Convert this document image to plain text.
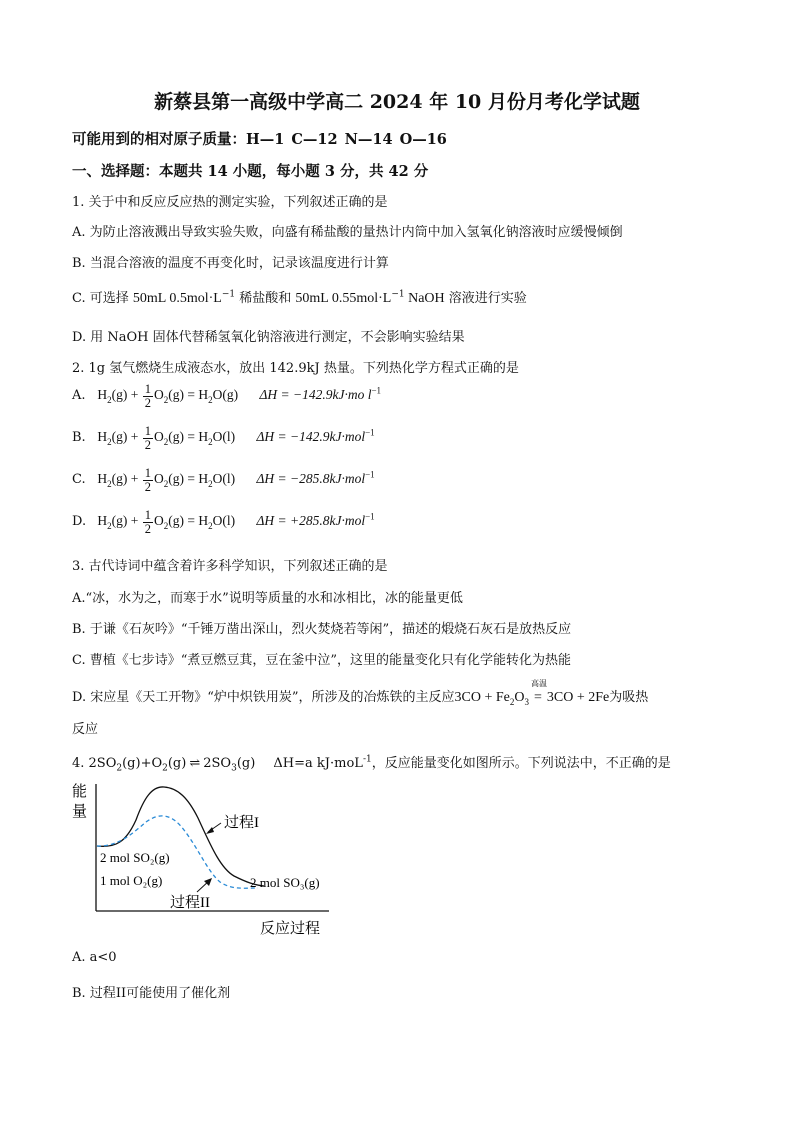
新蔡县第一高级中学高二 2024 年 10 月份月考化学试题
可能用到的相对原子质量：H—1 C—12 N—14 O—16
一、选择题：本题共 14 小题，每小题 3 分，共 42 分
1. 关于中和反应反应热的测定实验，下列叙述正确的是
A. 为防止溶液溅出导致实验失败，向盛有稀盐酸的量热计内筒中加入氢氧化钠溶液时应缓慢倾倒
B. 当混合溶液的温度不再变化时，记录该温度进行计算
C. 可选择 50mL $0.5mol\cdot L^{-1}$ 稀盐酸和 50mL $0.55mol\cdot L^{-1}$ NaOH 溶液进行实验
D. 用 NaOH 固体代替稀氢氧化钠溶液进行测定，不会影响实验结果
2. 1g 氢气燃烧生成液态水，放出 142.9kJ 热量。下列热化学方程式正确的是
A. $H_2(g) + \frac{1}{2} O_2(g) = H_2O(g) \Delta H = -142.9kJ\cdot mo$ $l^{-1}$
B. $H_2(g) + \frac{1}{2} O_2(g) = H_2O(l) \Delta H = -142.9kJ\cdot mol^{-1}$
C. $H_2(g) + \frac{1}{2} O_2(g) = H_2O(l) \Delta H = -285.8kJ\cdot mol^{-1}$
D. $H_2(g) + \frac{1}{2} O_2(g) = H_2O(l) \Delta H = +285.8kJ\cdot mol^{-1}$
3. 古代诗词中蕴含着许多科学知识，下列叙述正确的是
A.“冰，水为之，而寒于水”说明等质量的水和冰相比，冰的能量更低
B. 于谦《石灰吟》“千锤万凿出深山，烈火焚烧若等闲”，描述的煅烧石灰石是放热反应
C. 曹植《七步诗》“煮豆燃豆萁，豆在釜中泣”，这里的能量变化只有化学能转化为热能
D. 宋应星《天工开物》“炉中炽铁用炭”，所涉及的冶炼铁的主反应$3CO + Fe_2O_3$
高温
= 3CO + 2Fe为吸热
反应
4. $2SO_2(g)+O_2(g)$ ⇌ $2SO_3(g)$ ΔH=a kJ·moL$^{-1}$，反应能量变化如图所示。下列说法中，不正确的是
能
量
过程I
2 mol SO₂(g)
1 mol O₂(g)	2 mol SO₃(g)
过程II
反应过程
A. a<0
B. 过程II可能使用了催化剂
